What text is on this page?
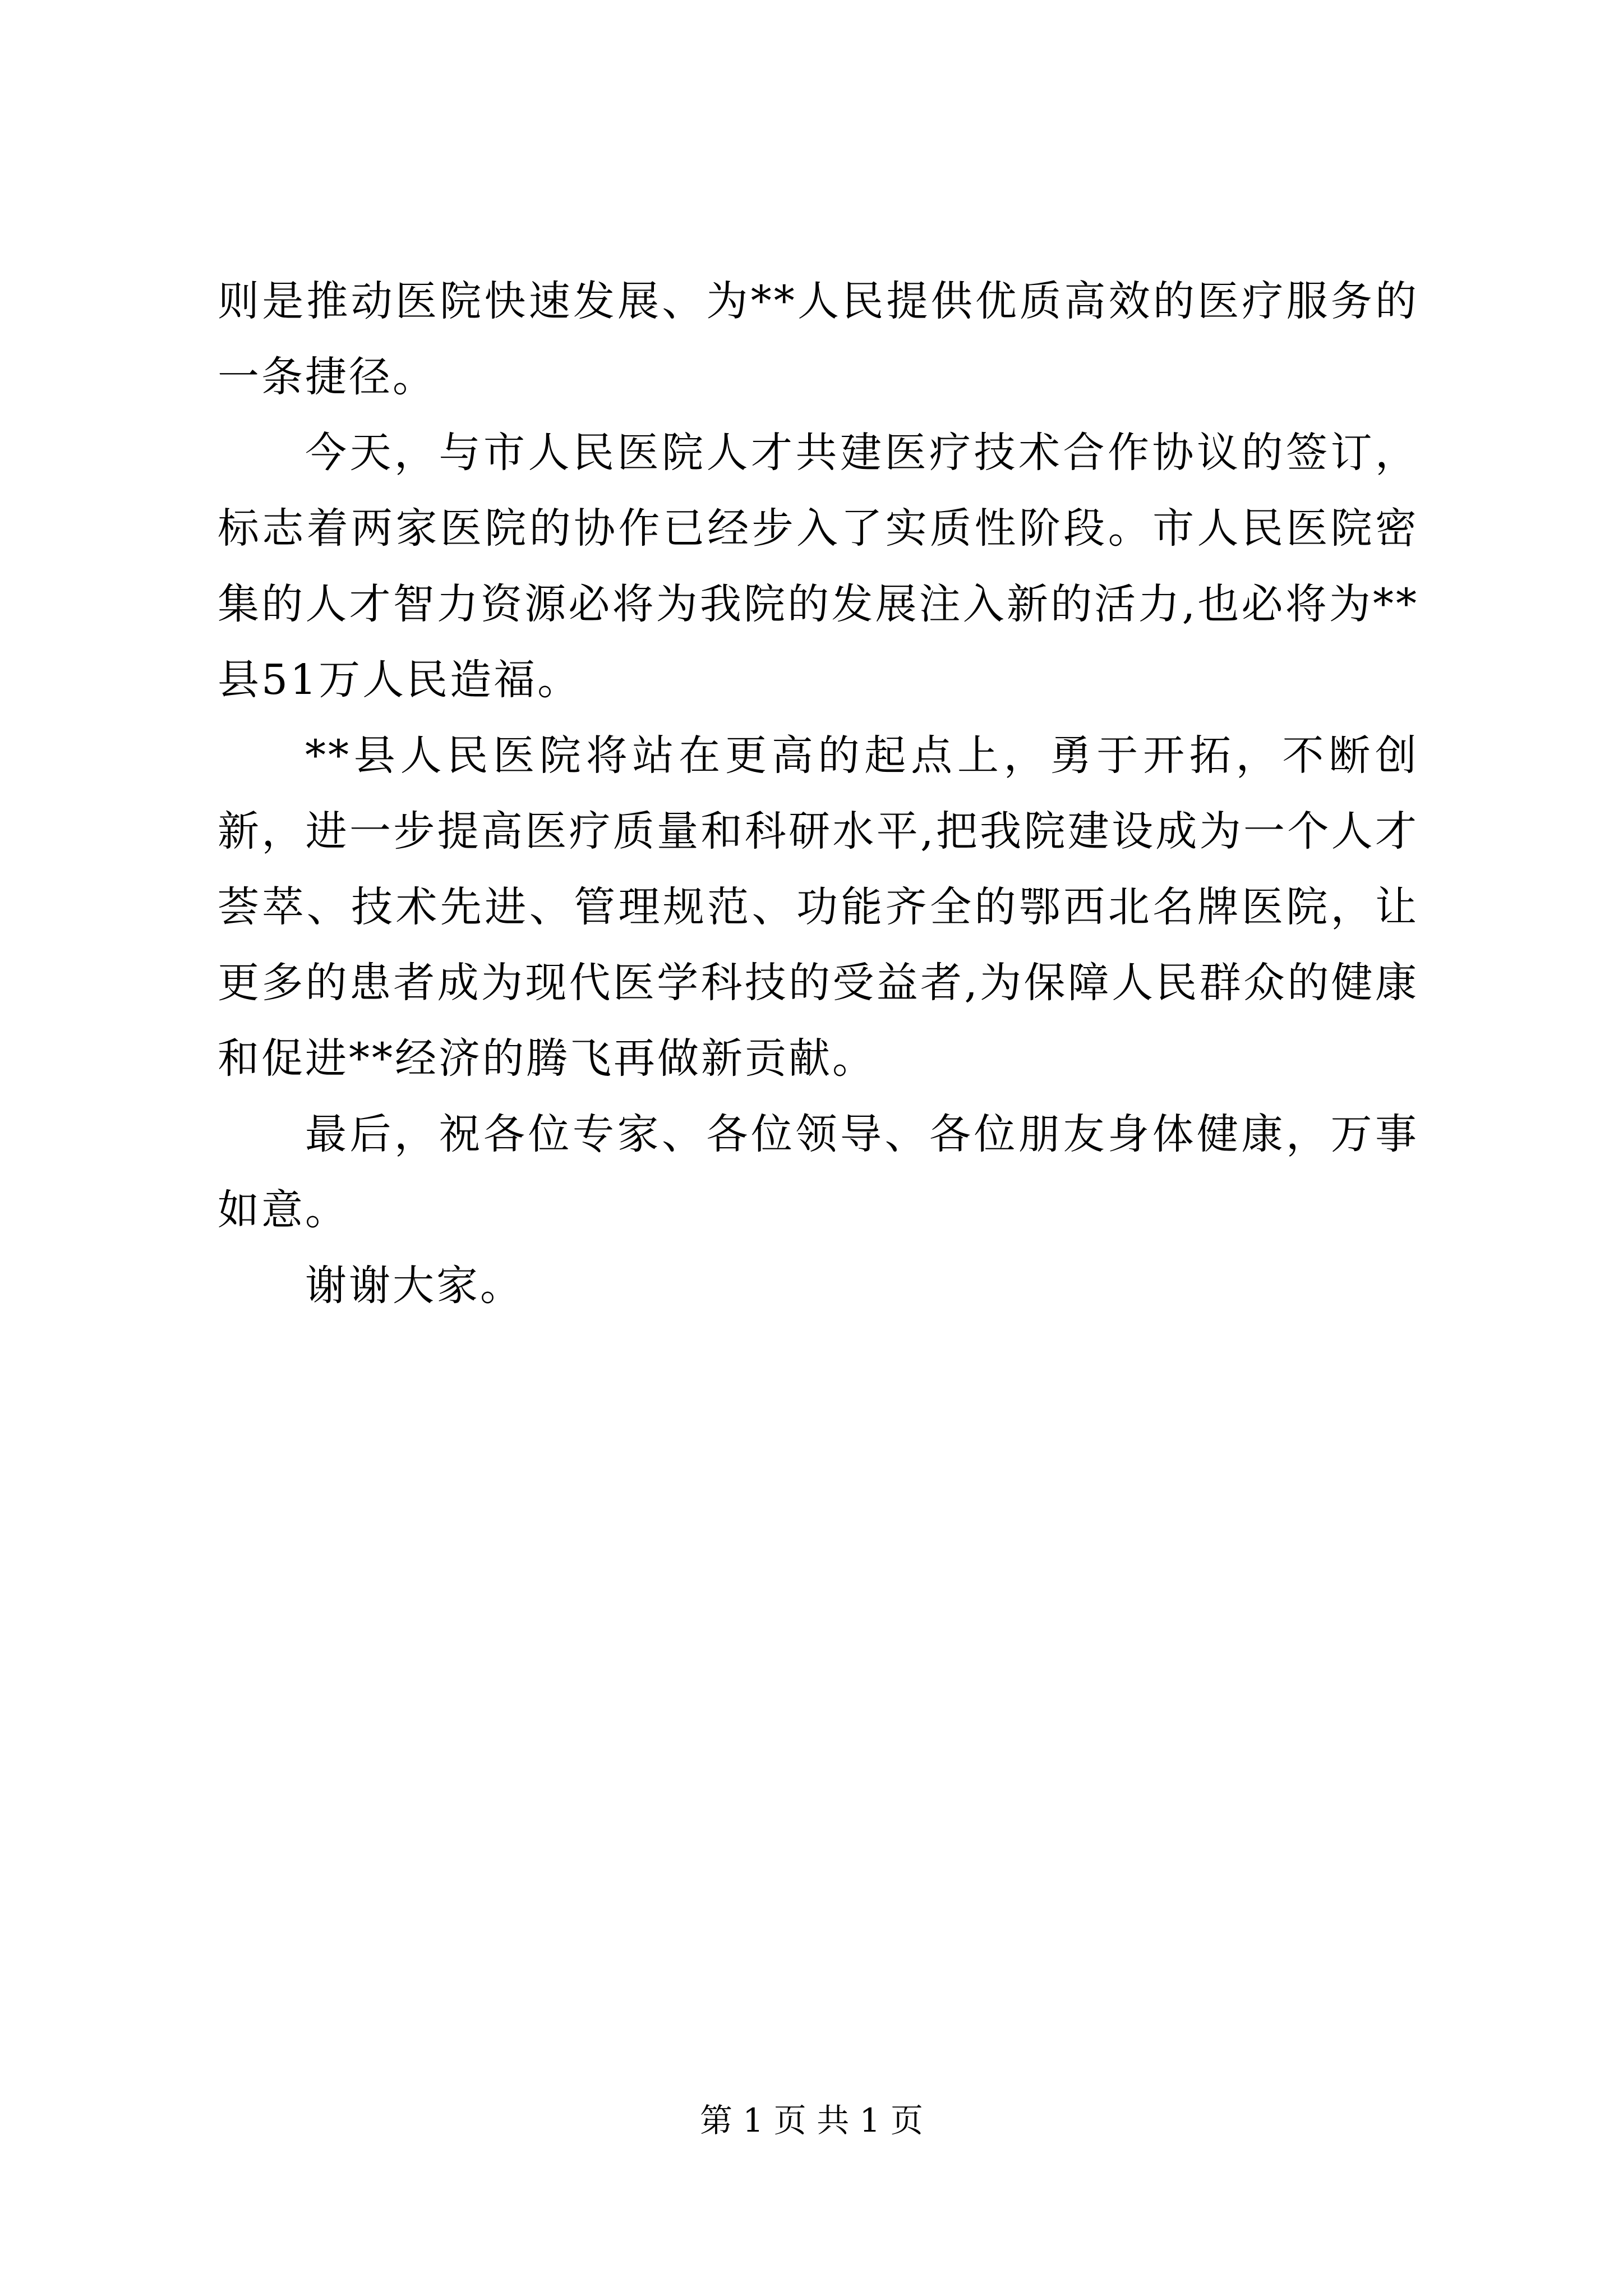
则是推动医院快速发展、为**人民提供优质高效的医疗服务的一条捷径。

今天，与市人民医院人才共建医疗技术合作协议的签订，标志着两家医院的协作已经步入了实质性阶段。市人民医院密集的人才智力资源必将为我院的发展注入新的活力,也必将为**县51万人民造福。

**县人民医院将站在更高的起点上，勇于开拓，不断创新，进一步提高医疗质量和科研水平,把我院建设成为一个人才荟萃、技术先进、管理规范、功能齐全的鄂西北名牌医院，让更多的患者成为现代医学科技的受益者,为保障人民群众的健康和促进**经济的腾飞再做新贡献。

最后，祝各位专家、各位领导、各位朋友身体健康，万事如意。

谢谢大家。

第 1 页 共 1 页
